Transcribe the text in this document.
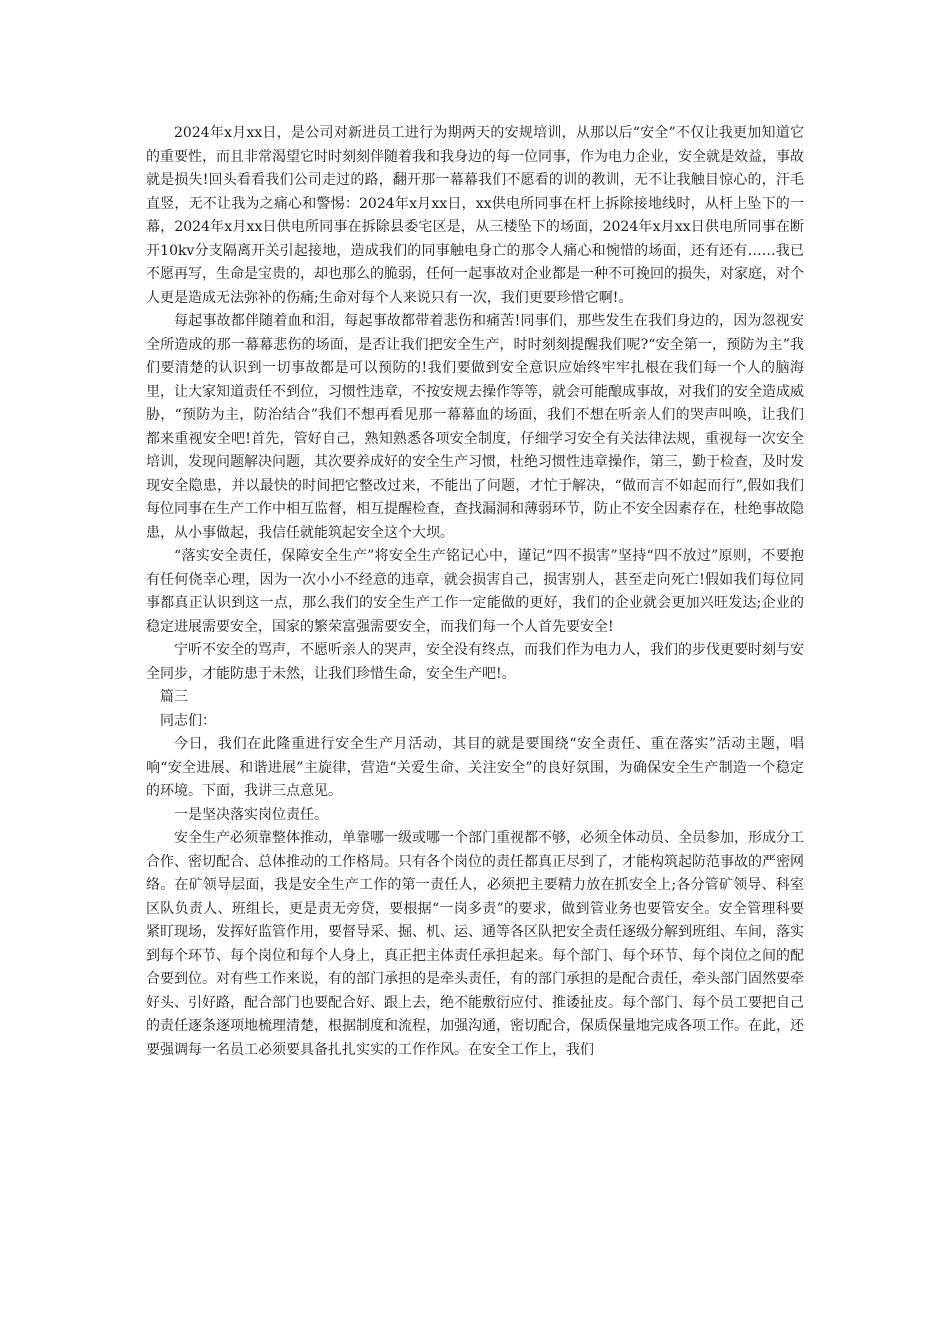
2024年x月xx日，是公司对新进员工进行为期两天的安规培训，从那以后“安全”不仅让我更加知道它的重要性，而且非常渴望它时时刻刻伴随着我和我身边的每一位同事，作为电力企业，安全就是效益，事故就是损失!回头看看我们公司走过的路，翻开那一幕幕我们不愿看的训的教训，无不让我触目惊心的，汗毛直竖，无不让我为之痛心和警惕：2024年x月xx日，xx供电所同事在杆上拆除接地线时，从杆上坠下的一幕，2024年x月xx日供电所同事在拆除县委宅区是，从三楼坠下的场面，2024年x月xx日供电所同事在断开10kv分支隔离开关引起接地，造成我们的同事触电身亡的那令人痛心和惋惜的场面，还有还有……我已不愿再写，生命是宝贵的，却也那么的脆弱，任何一起事故对企业都是一种不可挽回的损失，对家庭，对个人更是造成无法弥补的伤痛;生命对每个人来说只有一次，我们更要珍惜它啊!。

每起事故都伴随着血和泪，每起事故都带着悲伤和痛苦!同事们，那些发生在我们身边的，因为忽视安全所造成的那一幕幕悲伤的场面，是否让我们把安全生产，时时刻刻提醒我们呢?“安全第一，预防为主”我们要清楚的认识到一切事故都是可以预防的!我们要做到安全意识应始终牢牢扎根在我们每一个人的脑海里，让大家知道责任不到位，习惯性违章，不按安规去操作等等，就会可能酿成事故，对我们的安全造成威胁，“预防为主，防治结合”我们不想再看见那一幕幕血的场面，我们不想在听亲人们的哭声叫唤，让我们都来重视安全吧!首先，管好自己，熟知熟悉各项安全制度，仔细学习安全有关法律法规，重视每一次安全培训，发现问题解决问题，其次要养成好的安全生产习惯，杜绝习惯性违章操作，第三，勤于检查，及时发现安全隐患，并以最快的时间把它整改过来，不能出了问题，才忙于解决，“做而言不如起而行”,假如我们每位同事在生产工作中相互监督，相互提醒检查，查找漏洞和薄弱环节，防止不安全因素存在，杜绝事故隐患，从小事做起，我信任就能筑起安全这个大坝。

“落实安全责任，保障安全生产”将安全生产铭记心中，谨记“四不损害”坚持“四不放过”原则，不要抱有任何侥幸心理，因为一次小小不经意的违章，就会损害自己，损害别人，甚至走向死亡!假如我们每位同事都真正认识到这一点，那么我们的安全生产工作一定能做的更好，我们的企业就会更加兴旺发达;企业的稳定进展需要安全，国家的繁荣富强需要安全，而我们每一个人首先要安全!

宁听不安全的骂声，不愿听亲人的哭声，安全没有终点，而我们作为电力人，我们的步伐更要时刻与安全同步，才能防患于未然，让我们珍惜生命，安全生产吧!。

篇三

同志们：

今日，我们在此隆重进行安全生产月活动，其目的就是要围绕“安全责任、重在落实”活动主题，唱响“安全进展、和谐进展”主旋律，营造“关爱生命、关注安全”的良好氛围，为确保安全生产制造一个稳定的环境。下面，我讲三点意见。

一是坚决落实岗位责任。

安全生产必须靠整体推动，单靠哪一级或哪一个部门重视都不够，必须全体动员、全员参加，形成分工合作、密切配合、总体推动的工作格局。只有各个岗位的责任都真正尽到了，才能构筑起防范事故的严密网络。在矿领导层面，我是安全生产工作的第一责任人，必须把主要精力放在抓安全上;各分管矿领导、科室区队负责人、班组长，更是责无旁贷，要根据“一岗多责”的要求，做到管业务也要管安全。安全管理科要紧盯现场，发挥好监管作用，要督导采、掘、机、运、通等各区队把安全责任逐级分解到班组、车间，落实到每个环节、每个岗位和每个人身上，真正把主体责任承担起来。每个部门、每个环节、每个岗位之间的配合要到位。对有些工作来说，有的部门承担的是牵头责任，有的部门承担的是配合责任，牵头部门固然要牵好头、引好路，配合部门也要配合好、跟上去，绝不能敷衍应付、推诿扯皮。每个部门、每个员工要把自己的责任逐条逐项地梳理清楚，根据制度和流程，加强沟通，密切配合，保质保量地完成各项工作。在此，还要强调每一名员工必须要具备扎扎实实的工作作风。在安全工作上，我们
